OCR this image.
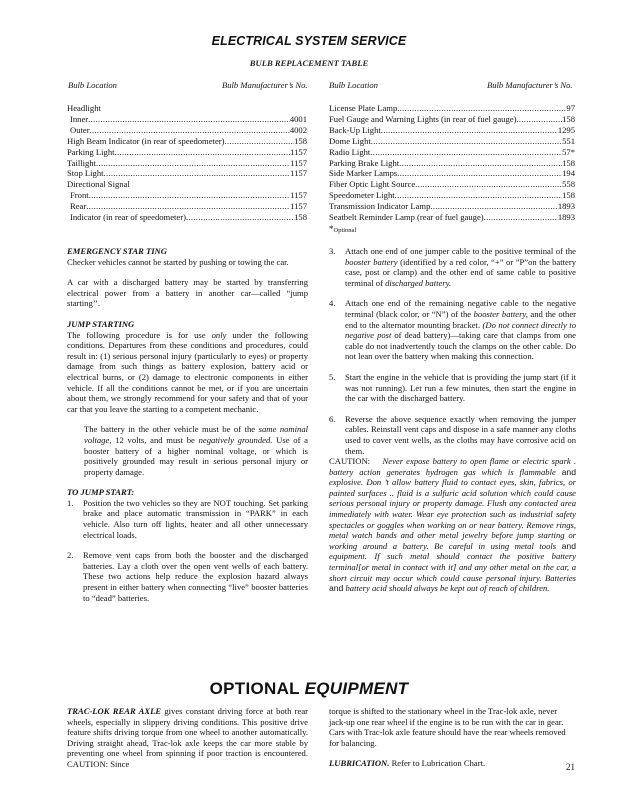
ELECTRICAL SYSTEM SERVICE
BULB REPLACEMENT TABLE
Bulb Location	Bulb Manufacturer’s No. Bulb Location	Bulb Manufacturer’s No.
Headlight
Inner .....	4001
Outer .....	4002
High Beam Indicator (in rear of speedometer) .....	158
Parking Light .....	1157
Taillight .....	1157
Stop Light .....	1157
Directional Signal
Front .....	1157
Rear .....	1157
Indicator (in rear of speedometer) .....	158
License Plate Lamp .....	97
Fuel Gauge and Warning Lights (in rear of fuel gauge) .....	158
Back-Up Light .....	1295
Dome Light .....	551
Radio Light .....	57*
Parking Brake Light .....	158
Side Marker Lamps .....	194
Fiber Optic Light Source .....	558
Speedometer Light .....	158
Transmission Indicator Lamp .....	1893
Seatbelt Reminder Lamp (rear of fuel gauge) .....	1893
*Optional
EMERGENCY STAR TING

Checker vehicles cannot be started by pushing or towing the car.

A car with a discharged battery may be started by transferring electrical power from a battery in another car—called “jump starting’’.

JUMP STARTING

The following procedure is for use only under the following conditions. Departures from these conditions and procedures, could result in: (1) serious personal injury (particularly to eyes) or property damage from such things as battery explosion, battery acid or electrical burns, or (2) damage to electronic components in either vehicle. If all the conditions cannot be met, or if you are uncertain about them, we strongly recommend for your safety and that of your car that you leave the starting to a competent mechanic.

The battery in the other vehicle must be of the same nominal voltage, 12 volts, and must be negatively grounded. Use of a booster battery of a higher nominal voltage, or which is positively grounded may result in serious personal injury or property damage.

TO JUMP START:
1.	Position the two vehicles so they are NOT touching. Set parking brake and place automatic transmission in “PARK” in each vehicle. Also turn off lights, heater and all other unnecessary electrical loads.
2.	Remove vent caps from both the booster and the discharged batteries. Lay a cloth over the open vent wells of each battery. These two actions help reduce the explosion hazard always present in either battery when connecting “live” booster batteries to “dead” batteries.
3.	Attach one end of one jumper cable to the positive terminal of the booster battery (identified by a red color, “+” or ”P”on the battery case, post or clamp) and the other end of same cable to positive terminal of discharged battery.
4.	Attach one end of the remaining negative cable to the negative terminal (black color, or “N”) of the booster battery, and the other end to the alternator mounting bracket. (Do not connect directly to negative post of dead battery)—taking care that clamps from one cable do not inadvertently touch the clamps on the other cable. Do not lean over the battery when making this connection.
5.	Start the engine in the vehicle that is providing the jump start (if it was not running). Let run a few minutes, then start the engine in the car with the discharged battery.
6.	Reverse the above sequence exactly when removing the jumper cables. Reinstall vent caps and dispose in a safe manner any cloths used to cover vent wells, as the cloths may have corrosive acid on them.

CAUTION: Never expose battery to open flame or electric spark . battery action generates hydrogen gas which is flammable and explosive. Don ’t allow battery fluid to contact eyes, skin, fabrics, or painted surfaces .. fluid is a sulfuric acid solution which could cause serious personal injury or property damage. Flush any contacted area immediately with water. Wear eye protection such as industrial safety spectacles or goggles when working on or near battery. Remove rings, metal watch bands and other metal jewelry before jump starting or working around a battery. Be careful in using metal tools and equipment. If such metal should contact the positive battery terminal[or metal in contact with it] and any other metal on the car, a short circuit may occur which could cause personal injury. Batteries and battery acid should always be kept out of reach of children.

OPTIONAL EQUIPMENT

TRAC-LOK REAR AXLE gives constant driving force at both rear wheels, especially in slippery driving conditions. This positive drive feature shifts driving torque from one wheel to another automatically. Driving straight ahead, Trac-lok axle keeps the car more stable by preventing one wheel from spinning if poor traction is encountered. CAUTION: Since

torque is shifted to the stationary wheel in the Trac-lok axle, never jack-up one rear wheel if the engine is to be run with the car in gear. Cars with Trac-lok axle feature should have the rear wheels removed for balancing.

LUBRICATION. Refer to Lubrication Chart.	21
